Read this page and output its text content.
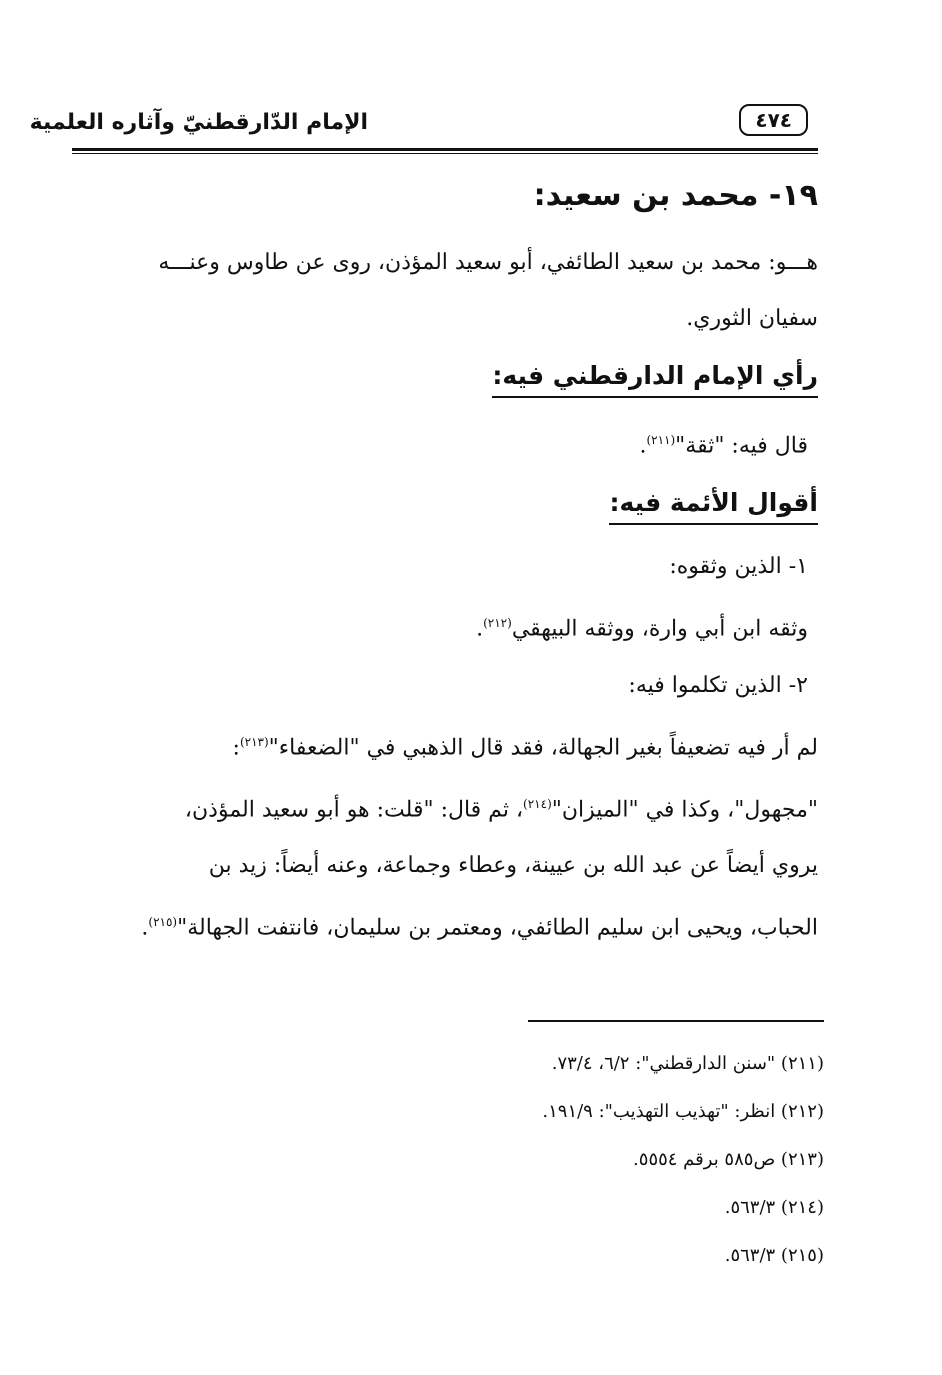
٤٧٤
الإمام الدّارقطنيّ وآثاره العلمية
١٩- محمد بن سعيد:
هـــو: محمد بن سعيد الطائفي، أبو سعيد المؤذن، روى عن طاوس وعنـــه
سفيان الثوري.
رأي الإمام الدارقطني فيه:
قال فيه: "ثقة"$^{(٢١١)}$.
أقوال الأئمة فيه:
١- الذين وثقوه:
وثقه ابن أبي وارة، ووثقه البيهقي$^{(٢١٢)}$.
٢- الذين تكلموا فيه:
لم أر فيه تضعيفاً بغير الجهالة، فقد قال الذهبي في "الضعفاء"$^{(٢١٣)}$:
"مجهول"، وكذا في "الميزان"$^{(٢١٤)}$، ثم قال: "قلت: هو أبو سعيد المؤذن،
يروي أيضاً عن عبد الله بن عيينة، وعطاء وجماعة، وعنه أيضاً: زيد بن
الحباب، ويحيى ابن سليم الطائفي، ومعتمر بن سليمان، فانتفت الجهالة"$^{(٢١٥)}$.
(٢١١) "سنن الدارقطني": ٦/٢، ٧٣/٤.
(٢١٢) انظر: "تهذيب التهذيب": ١٩١/٩.
(٢١٣) ص٥٨٥ برقم ٥٥٥٤.
(٢١٤) ٥٦٣/٣.
(٢١٥) ٥٦٣/٣.
